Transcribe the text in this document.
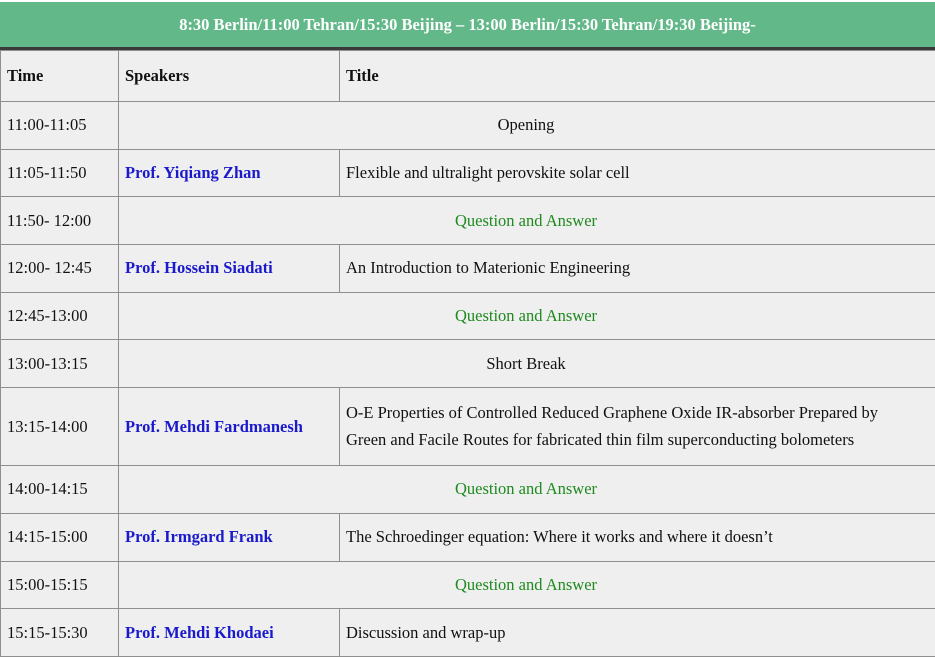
8:30 Berlin/11:00 Tehran/15:30 Beijing – 13:00 Berlin/15:30 Tehran/19:30 Beijing-
Time	Speakers	Title
11:00-11:05	Opening	
11:05-11:50	Prof. Yiqiang Zhan	Flexible and ultralight perovskite solar cell
11:50- 12:00	Question and Answer	
12:00- 12:45	Prof. Hossein Siadati	An Introduction to Materionic Engineering
12:45-13:00	Question and Answer	
13:00-13:15	Short Break	
13:15-14:00	Prof. Mehdi Fardmanesh	O-E Properties of Controlled Reduced Graphene Oxide IR-absorber Prepared by
Green and Facile Routes for fabricated thin film superconducting bolometers
14:00-14:15	Question and Answer	
14:15-15:00	Prof. Irmgard Frank	The Schroedinger equation: Where it works and where it doesn’t
15:00-15:15	Question and Answer	
15:15-15:30	Prof. Mehdi Khodaei	Discussion and wrap-up
